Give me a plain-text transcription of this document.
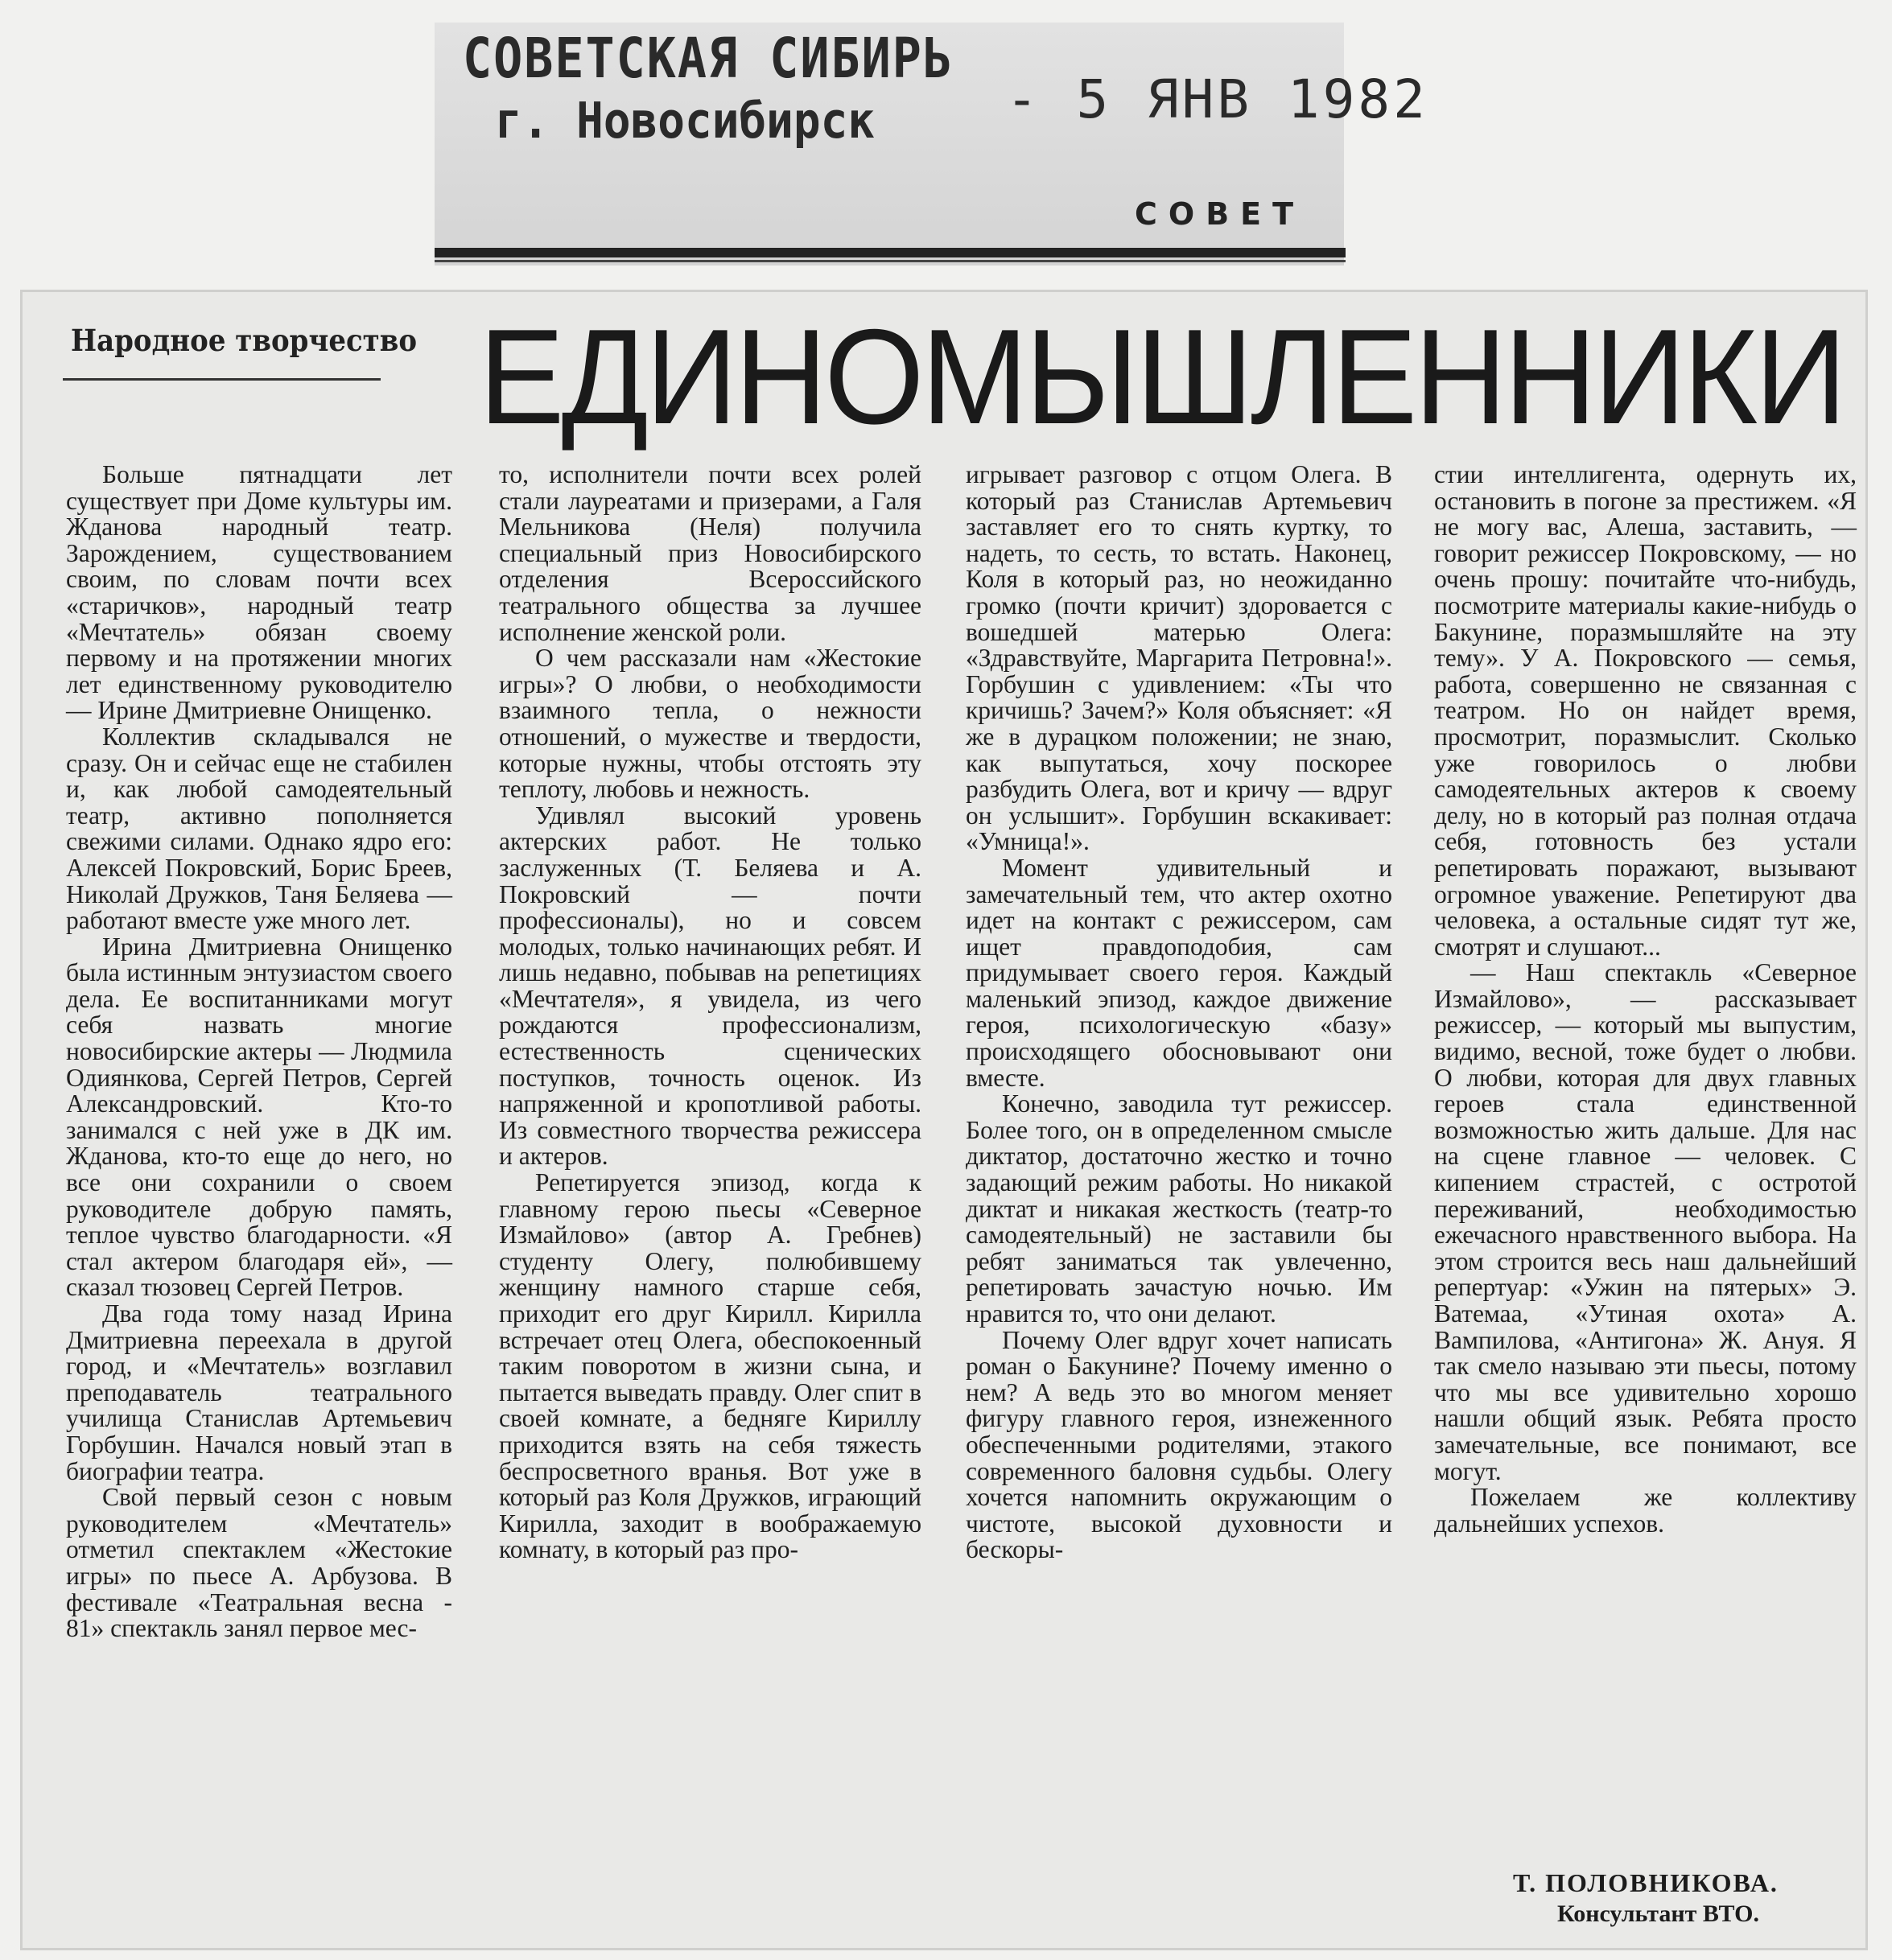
СОВЕТСКАЯ СИБИРЬ
г. Новосибирск - 5 ЯНВ 1982
СОВЕТ
Народное творчество ЕДИНОМЫШЛЕННИКИ

Больше пятнадцати лет существует при Доме культуры им. Жданова народный театр. Зарождением, существованием своим, по словам почти всех «старичков», народный театр «Мечтатель» обязан своему первому и на протяжении многих лет единственному руководителю — Ирине Дмитриевне Онищенко.

Коллектив складывался не сразу. Он и сейчас еще не стабилен и, как любой самодеятельный театр, активно пополняется свежими силами. Однако ядро его: Алексей Покровский, Борис Бреев, Николай Дружков, Таня Беляева — работают вместе уже много лет.

Ирина Дмитриевна Онищенко была истинным энтузиастом своего дела. Ее воспитанниками могут себя назвать многие новосибирские актеры — Людмила Одиянкова, Сергей Петров, Сергей Александровский. Кто-то занимался с ней уже в ДК им. Жданова, кто-то еще до него, но все они сохранили о своем руководителе добрую память, теплое чувство благодарности. «Я стал актером благодаря ей», — сказал тюзовец Сергей Петров.

Два года тому назад Ирина Дмитриевна переехала в другой город, и «Мечтатель» возглавил преподаватель театрального училища Станислав Артемьевич Горбушин. Начался новый этап в биографии театра.

Свой первый сезон с новым руководителем «Мечтатель» отметил спектаклем «Жестокие игры» по пьесе А. Арбузова. В фестивале «Театральная весна - 81» спектакль занял первое мес-

то, исполнители почти всех ролей стали лауреатами и призерами, а Галя Мельникова (Неля) получила специальный приз Новосибирского отделения Всероссийского театрального общества за лучшее исполнение женской роли.

О чем рассказали нам «Жестокие игры»? О любви, о необходимости взаимного тепла, о нежности отношений, о мужестве и твердости, которые нужны, чтобы отстоять эту теплоту, любовь и нежность.

Удивлял высокий уровень актерских работ. Не только заслуженных (Т. Беляева и А. Покровский — почти профессионалы), но и совсем молодых, только начинающих ребят. И лишь недавно, побывав на репетициях «Мечтателя», я увидела, из чего рождаются профессионализм, естественность сценических поступков, точность оценок. Из напряженной и кропотливой работы. Из совместного творчества режиссера и актеров.

Репетируется эпизод, когда к главному герою пьесы «Северное Измайлово» (автор А. Гребнев) студенту Олегу, полюбившему женщину намного старше себя, приходит его друг Кирилл. Кирилла встречает отец Олега, обеспокоенный таким поворотом в жизни сына, и пытается выведать правду. Олег спит в своей комнате, а бедняге Кириллу приходится взять на себя тяжесть беспросветного вранья. Вот уже в который раз Коля Дружков, играющий Кирилла, заходит в воображаемую комнату, в который раз про-

игрывает разговор с отцом Олега. В который раз Станислав Артемьевич заставляет его то снять куртку, то надеть, то сесть, то встать. Наконец, Коля в который раз, но неожиданно громко (почти кричит) здоровается с вошедшей матерью Олега: «Здравствуйте, Маргарита Петровна!». Горбушин с удивлением: «Ты что кричишь? Зачем?» Коля объясняет: «Я же в дурацком положении; не знаю, как выпутаться, хочу поскорее разбудить Олега, вот и кричу — вдруг он услышит». Горбушин вскакивает: «Умница!».

Момент удивительный и замечательный тем, что актер охотно идет на контакт с режиссером, сам ищет правдоподобия, сам придумывает своего героя. Каждый маленький эпизод, каждое движение героя, психологическую «базу» происходящего обосновывают они вместе.

Конечно, заводила тут режиссер. Более того, он в определенном смысле диктатор, достаточно жестко и точно задающий режим работы. Но никакой диктат и никакая жесткость (театр-то самодеятельный) не заставили бы ребят заниматься так увлеченно, репетировать зачастую ночью. Им нравится то, что они делают.

Почему Олег вдруг хочет написать роман о Бакунине? Почему именно о нем? А ведь это во многом меняет фигуру главного героя, изнеженного обеспеченными родителями, этакого современного баловня судьбы. Олегу хочется напомнить окружающим о чистоте, высокой духовности и бескоры-

стии интеллигента, одернуть их, остановить в погоне за престижем. «Я не могу вас, Алеша, заставить, — говорит режиссер Покровскому, — но очень прошу: почитайте что-нибудь, посмотрите материалы какие-нибудь о Бакунине, поразмышляйте на эту тему». У А. Покровского — семья, работа, совершенно не связанная с театром. Но он найдет время, просмотрит, поразмыслит. Сколько уже говорилось о любви самодеятельных актеров к своему делу, но в который раз полная отдача себя, готовность без устали репетировать поражают, вызывают огромное уважение. Репетируют два человека, а остальные сидят тут же, смотрят и слушают...

— Наш спектакль «Северное Измайлово», — рассказывает режиссер, — который мы выпустим, видимо, весной, тоже будет о любви. О любви, которая для двух главных героев стала единственной возможностью жить дальше. Для нас на сцене главное — человек. С кипением страстей, с остротой переживаний, необходимостью ежечасного нравственного выбора. На этом строится весь наш дальнейший репертуар: «Ужин на пятерых» Э. Ватемаа, «Утиная охота» А. Вампилова, «Антигона» Ж. Ануя. Я так смело называю эти пьесы, потому что мы все удивительно хорошо нашли общий язык. Ребята просто замечательные, все понимают, все могут.

Пожелаем же коллективу дальнейших успехов.

Т. ПОЛОВНИКОВА.
Консультант ВТО.
